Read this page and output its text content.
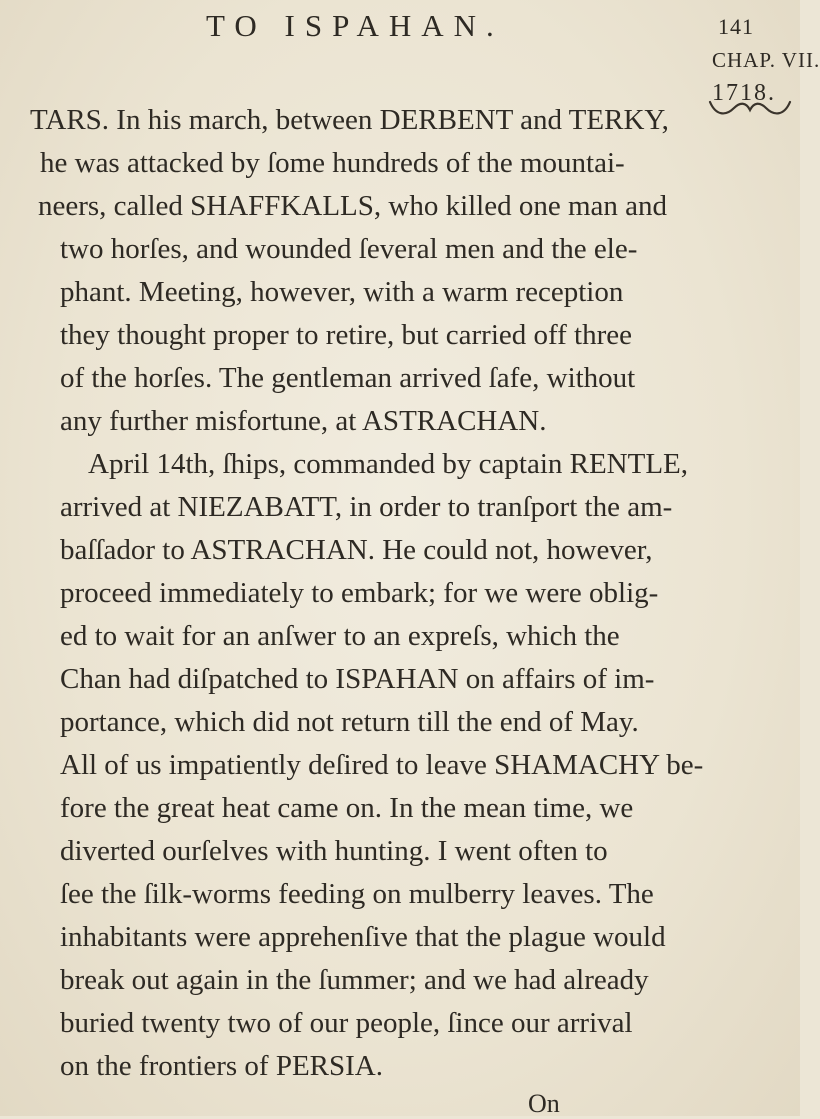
TO ISPAHAN.	141
CHAP. VII.
1718.
TARS. In his march, between DERBENT and TERKY,
he was attacked by ſome hundreds of the mountai-
neers, called SHAFFKALLS, who killed one man and
two horſes, and wounded ſeveral men and the ele-
phant. Meeting, however, with a warm reception
they thought proper to retire, but carried off three
of the horſes. The gentleman arrived ſafe, without
any further misfortune, at ASTRACHAN.
April 14th, ſhips, commanded by captain RENTLE,
arrived at NIEZABATT, in order to tranſport the am-
baſſador to ASTRACHAN. He could not, however,
proceed immediately to embark; for we were oblig-
ed to wait for an anſwer to an expreſs, which the
Chan had diſpatched to ISPAHAN on affairs of im-
portance, which did not return till the end of May.
All of us impatiently deſired to leave SHAMACHY be-
fore the great heat came on. In the mean time, we
diverted ourſelves with hunting. I went often to
ſee the ſilk-worms feeding on mulberry leaves. The
inhabitants were apprehenſive that the plague would
break out again in the ſummer; and we had already
buried twenty two of our people, ſince our arrival
on the frontiers of PERSIA.
On
